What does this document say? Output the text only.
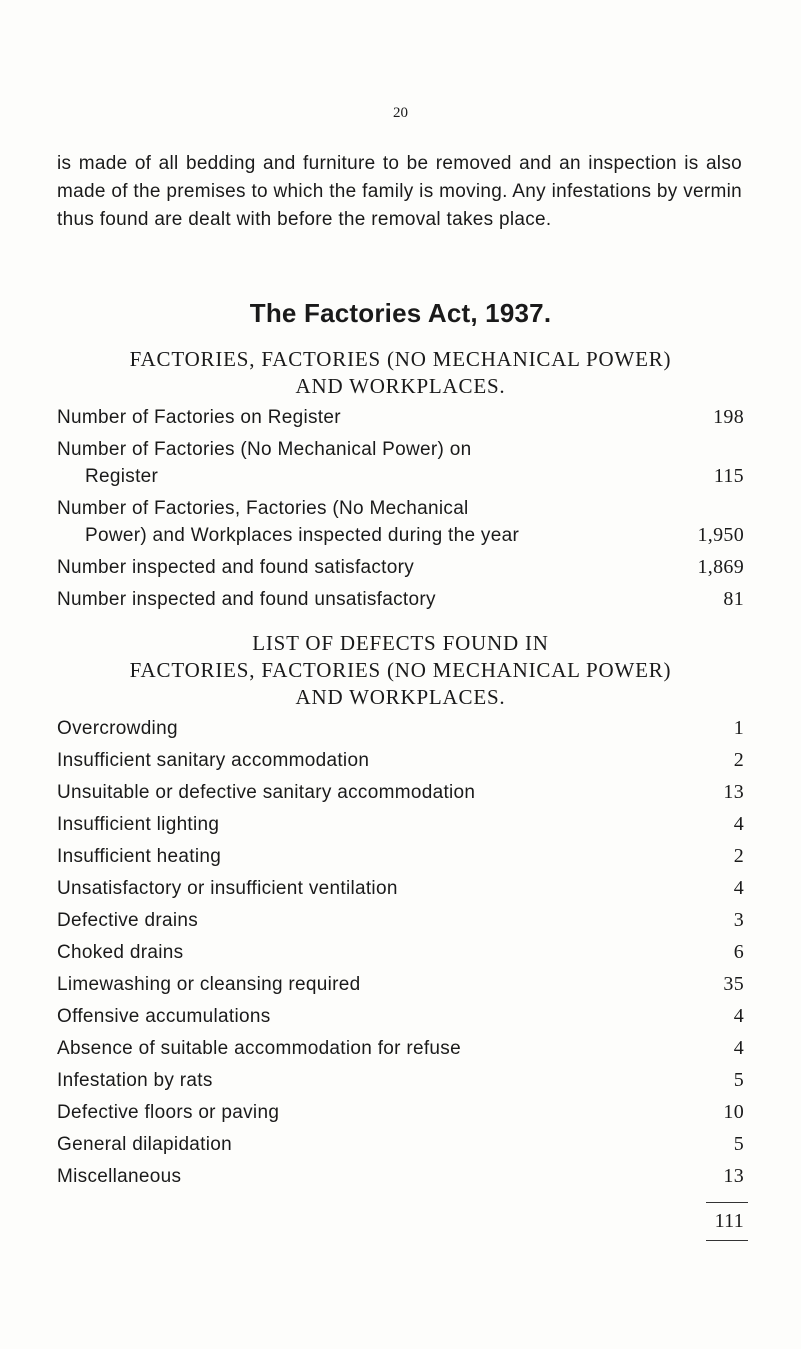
20
is made of all bedding and furniture to be removed and an inspection is also made of the premises to which the family is moving. Any infestations by vermin thus found are dealt with before the removal takes place.
The Factories Act, 1937.
FACTORIES, FACTORIES (NO MECHANICAL POWER)
AND WORKPLACES.
Number of Factories on Register	198
Number of Factories (No Mechanical Power) on
Register	115
Number of Factories, Factories (No Mechanical
Power) and Workplaces inspected during the year	1,950
Number inspected and found satisfactory	1,869
Number inspected and found unsatisfactory	81
LIST OF DEFECTS FOUND IN
FACTORIES, FACTORIES (NO MECHANICAL POWER)
AND WORKPLACES.
Overcrowding	1
Insufficient sanitary accommodation	2
Unsuitable or defective sanitary accommodation	13
Insufficient lighting	4
Insufficient heating	2
Unsatisfactory or insufficient ventilation	4
Defective drains	3
Choked drains	6
Limewashing or cleansing required	35
Offensive accumulations	4
Absence of suitable accommodation for refuse	4
Infestation by rats	5
Defective floors or paving	10
General dilapidation	5
Miscellaneous	13
111
